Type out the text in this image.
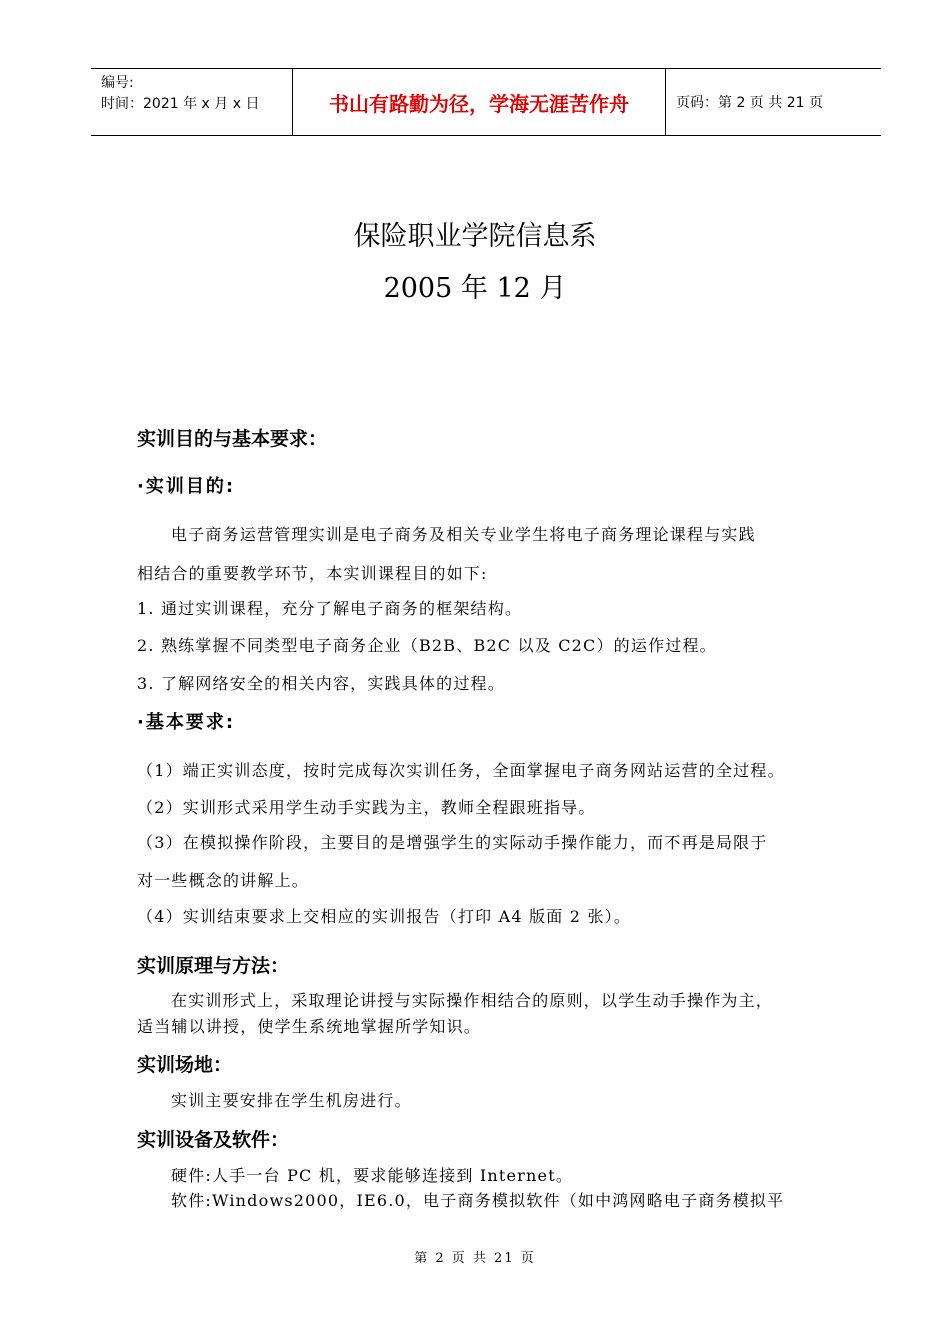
编号:
时间：2021 年 x 月 x 日	书山有路勤为径，学海无涯苦作舟	页码：第 2 页 共 21 页
保险职业学院信息系
2005 年 12 月
实训目的与基本要求：
·实训目的:
电子商务运营管理实训是电子商务及相关专业学生将电子商务理论课程与实践
相结合的重要教学环节，本实训课程目的如下:
1. 通过实训课程，充分了解电子商务的框架结构。
2. 熟练掌握不同类型电子商务企业（B2B、B2C 以及 C2C）的运作过程。
3. 了解网络安全的相关内容，实践具体的过程。
·基本要求:
（1）端正实训态度，按时完成每次实训任务，全面掌握电子商务网站运营的全过程。
（2）实训形式采用学生动手实践为主，教师全程跟班指导。
（3）在模拟操作阶段，主要目的是增强学生的实际动手操作能力，而不再是局限于
对一些概念的讲解上。
（4）实训结束要求上交相应的实训报告（打印 A4 版面 2 张）。
实训原理与方法：
在实训形式上，采取理论讲授与实际操作相结合的原则，以学生动手操作为主，
适当辅以讲授，使学生系统地掌握所学知识。
实训场地：
实训主要安排在学生机房进行。
实训设备及软件：
硬件:人手一台 PC 机，要求能够连接到 Internet。
软件:Windows2000，IE6.0，电子商务模拟软件（如中鸿网略电子商务模拟平
第 2 页 共 21 页
